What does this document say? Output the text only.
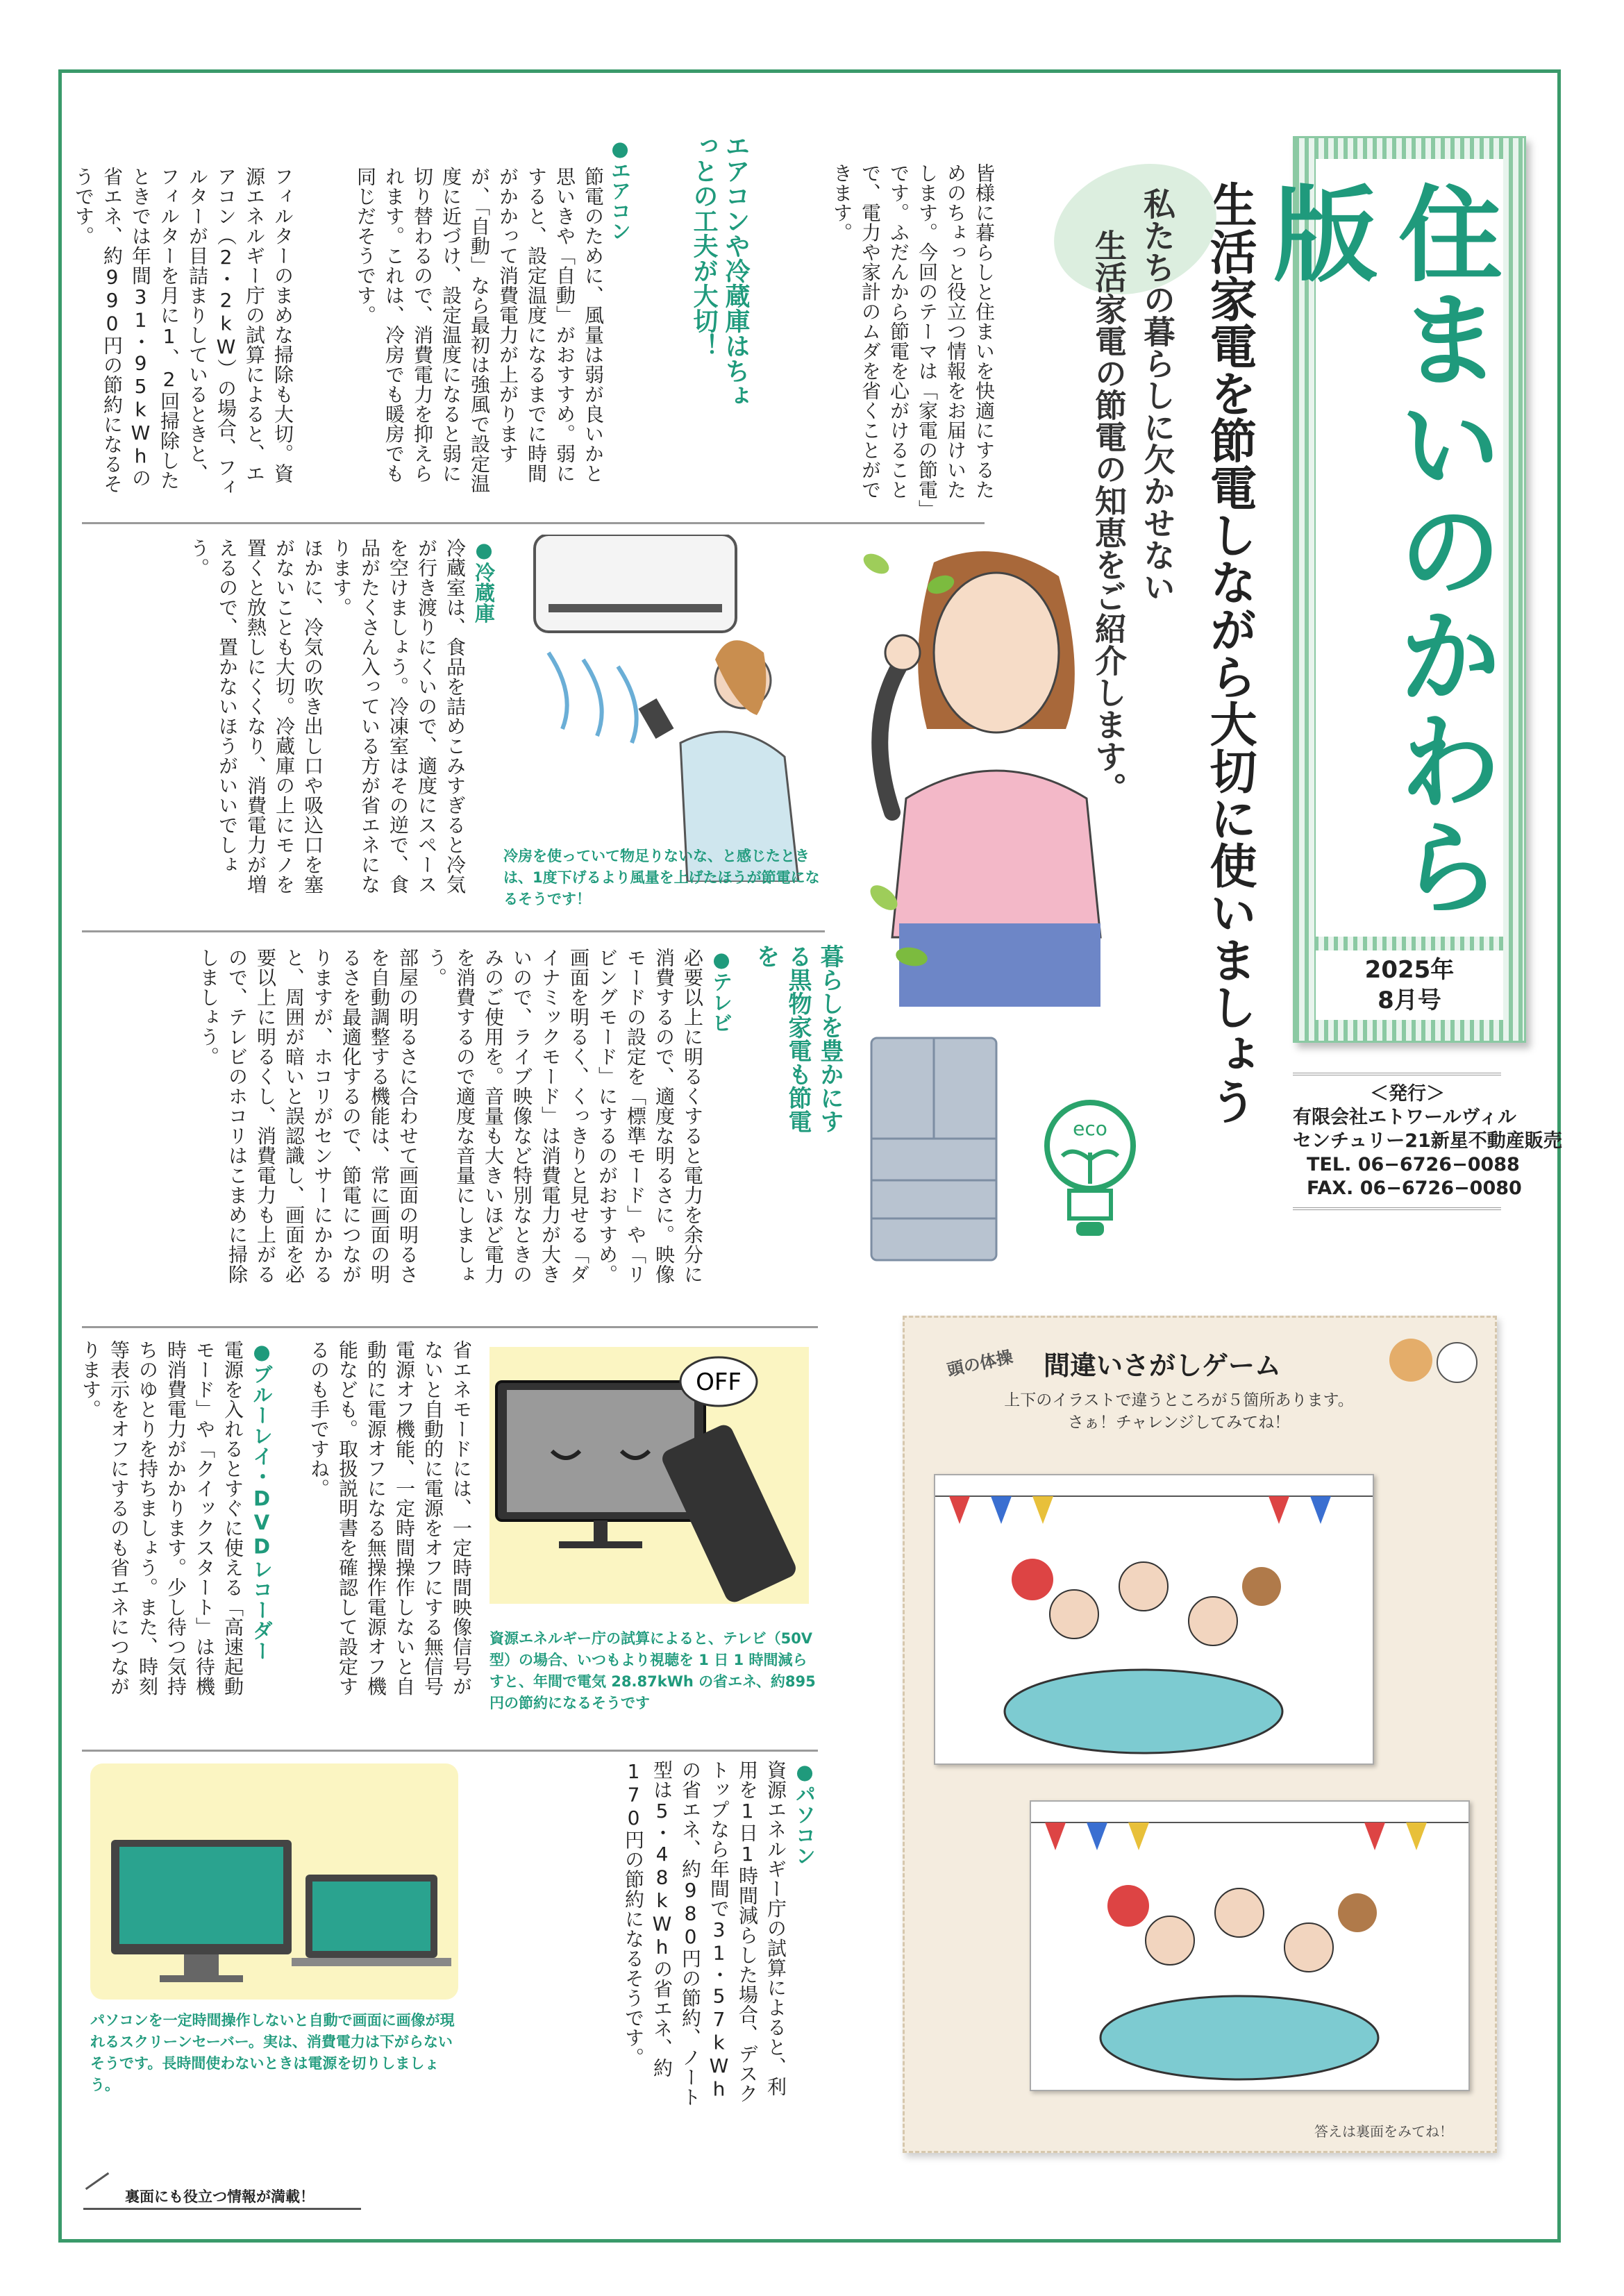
住まいのかわら版
2025年
8月号
＜発行＞
有限会社エトワールヴィル
センチュリー21新星不動産販売
TEL. 06−6726−0088
FAX. 06−6726−0080
生活家電を節電しながら大切に使いましょう
私たちの暮らしに欠かせない
生活家電の節電の知恵をご紹介します。
皆様に暮らしと住まいを快適にするためのちょっと役立つ情報をお届けいたします。今回のテーマは「家電の節電」です。ふだんから節電を心がけることで、電力や家計のムダを省くことができます。
エアコンや冷蔵庫はちょっとの工夫が大切！
●エアコン
節電のために、風量は弱が良いかと思いきや「自動」がおすすめ。弱にすると、設定温度になるまでに時間がかかって消費電力が上がりますが、「自動」なら最初は強風で設定温度に近づけ、設定温度になると弱に切り替わるので、消費電力を抑えられます。これは、冷房でも暖房でも同じだそうです。
フィルターのまめな掃除も大切。資源エネルギー庁の試算によると、エアコン（2・2kW）の場合、フィルターが目詰まりしているときと、フィルターを月に1、2回掃除したときでは年間31・95kWhの省エネ、約990円の節約になるそうです。
●冷蔵庫
冷蔵室は、食品を詰めこみすぎると冷気が行き渡りにくいので、適度にスペースを空けましょう。冷凍室はその逆で、食品がたくさん入っている方が省エネになります。
ほかに、冷気の吹き出し口や吸込口を塞がないことも大切。冷蔵庫の上にモノを置くと放熱しにくくなり、消費電力が増えるので、置かないほうがいいでしょう。
冷房を使っていて物足りないな、と感じたときは、1度下げるより風量を上げたほうが節電になるそうです！
暮らしを豊かにする黒物家電も節電を
●テレビ
必要以上に明るくすると電力を余分に消費するので、適度な明るさに。映像モードの設定を「標準モード」や「リビングモード」にするのがおすすめ。画面を明るく、くっきりと見せる「ダイナミックモード」は消費電力が大きいので、ライブ映像など特別なときのみのご使用を。音量も大きいほど電力を消費するので適度な音量にしましょう。
部屋の明るさに合わせて画面の明るさを自動調整する機能は、常に画面の明るさを最適化するので、節電につながりますが、ホコリがセンサーにかかると、周囲が暗いと誤認識し、画面を必要以上に明るくし、消費電力も上がるので、テレビのホコリはこまめに掃除しましょう。
eco
省エネモードには、一定時間映像信号がないと自動的に電源をオフにする無信号電源オフ機能、一定時間操作しないと自動的に電源オフになる無操作電源オフ機能なども。取扱説明書を確認して設定するのも手ですね。
●ブルーレイ・DVDレコーダー
電源を入れるとすぐに使える「高速起動モード」や「クイックスタート」は待機時消費電力がかかります。少し待つ気持ちのゆとりを持ちましょう。また、時刻等表示をオフにするのも省エネにつながります。	OFF
資源エネルギー庁の試算によると、テレビ（50V 型）の場合、いつもより視聴を 1 日 1 時間減らすと、年間で電気 28.87kWh の省エネ、約895 円の節約になるそうです
●パソコン
資源エネルギー庁の試算によると、利用を1日1時間減らした場合、デスクトップなら年間で31・57kWhの省エネ、約980円の節約、ノート型は5・48kWhの省エネ、約170円の節約になるそうです。
パソコンを一定時間操作しないと自動で画面に画像が現れるスクリーンセーバー。実は、消費電力は下がらないそうです。長時間使わないときは電源を切りしましょう。
頭の体操 間違いさがしゲーム
上下のイラストで違うところが５箇所あります。
さぁ！チャレンジしてみてね！
答えは裏面をみてね！
裏面にも役立つ情報が満載！
